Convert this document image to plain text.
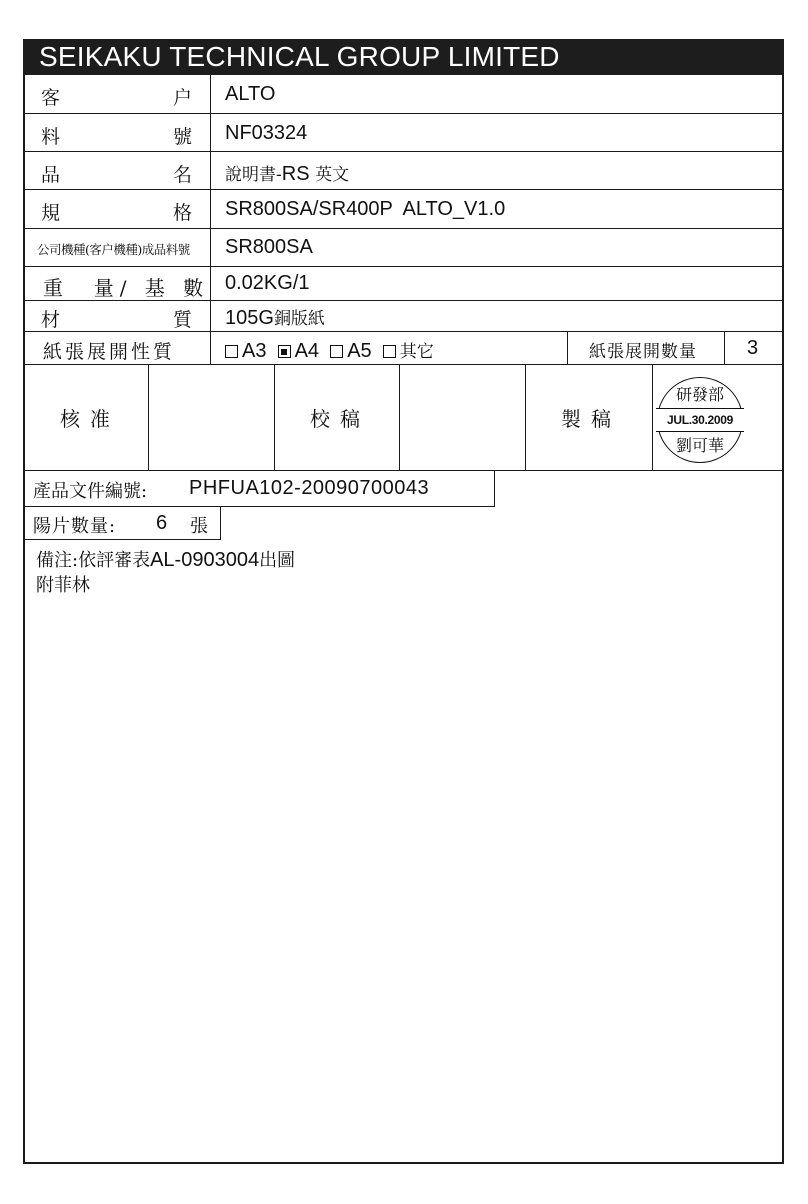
SEIKAKU TECHNICAL GROUP LIMITED
客	户 ALTO
料	號 NF03324
品	名 說明書-RS 英文
規	格 SR800SA/SR400P  ALTO_V1.0
公司機種(客户機種)成品料號 SR800SA
重  量/ 基 數 0.02KG/1
材	質 105G銅版紙
紙張展開性質	A3 A4 A5 其它	紙張展開數量	3
核准	校稿	製稿
研發部
JUL.30.2009
劉可華
產品文件編號: PHFUA102-20090700043
陽片數量: 6 張
備注:依評審表AL-0903004出圖
附菲林
